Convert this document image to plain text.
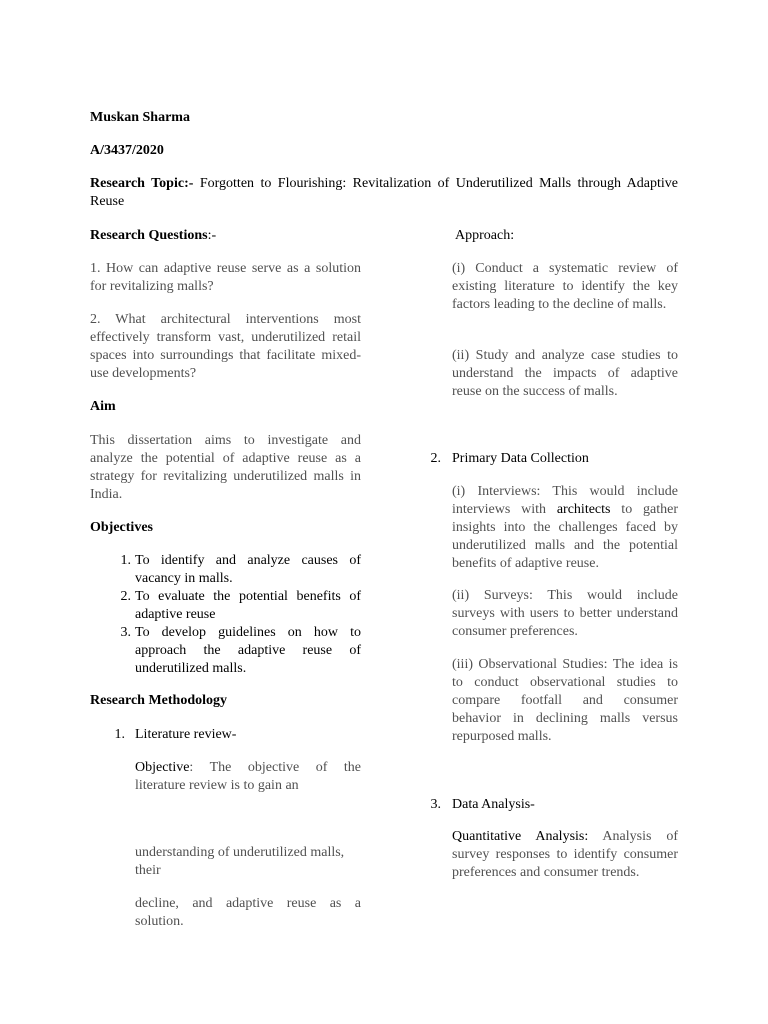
Muskan Sharma

A/3437/2020

Research Topic:- Forgotten to Flourishing: Revitalization of Underutilized Malls through Adaptive Reuse

Research Questions:-

1. How can adaptive reuse serve as a solution for revitalizing malls?

2. What architectural interventions most effectively transform vast, underutilized retail spaces into surroundings that facilitate mixed-use developments?

Aim

This dissertation aims to investigate and analyze the potential of adaptive reuse as a strategy for revitalizing underutilized malls in India.

Objectives

1. To identify and analyze causes of vacancy in malls.
2. To evaluate the potential benefits of adaptive reuse
3. To develop guidelines on how to approach the adaptive reuse of underutilized malls.

Research Methodology

1. Literature review-

Objective: The objective of the literature review is to gain an

understanding of underutilized malls, their

decline, and adaptive reuse as a solution.

Approach:

(i) Conduct a systematic review of existing literature to identify the key factors leading to the decline of malls.

(ii) Study and analyze case studies to understand the impacts of adaptive reuse on the success of malls.

2. Primary Data Collection

(i) Interviews: This would include interviews with architects to gather insights into the challenges faced by underutilized malls and the potential benefits of adaptive reuse.

(ii) Surveys: This would include surveys with users to better understand consumer preferences.

(iii) Observational Studies: The idea is to conduct observational studies to compare footfall and consumer behavior in declining malls versus repurposed malls.

3. Data Analysis-

Quantitative Analysis: Analysis of survey responses to identify consumer preferences and consumer trends.
